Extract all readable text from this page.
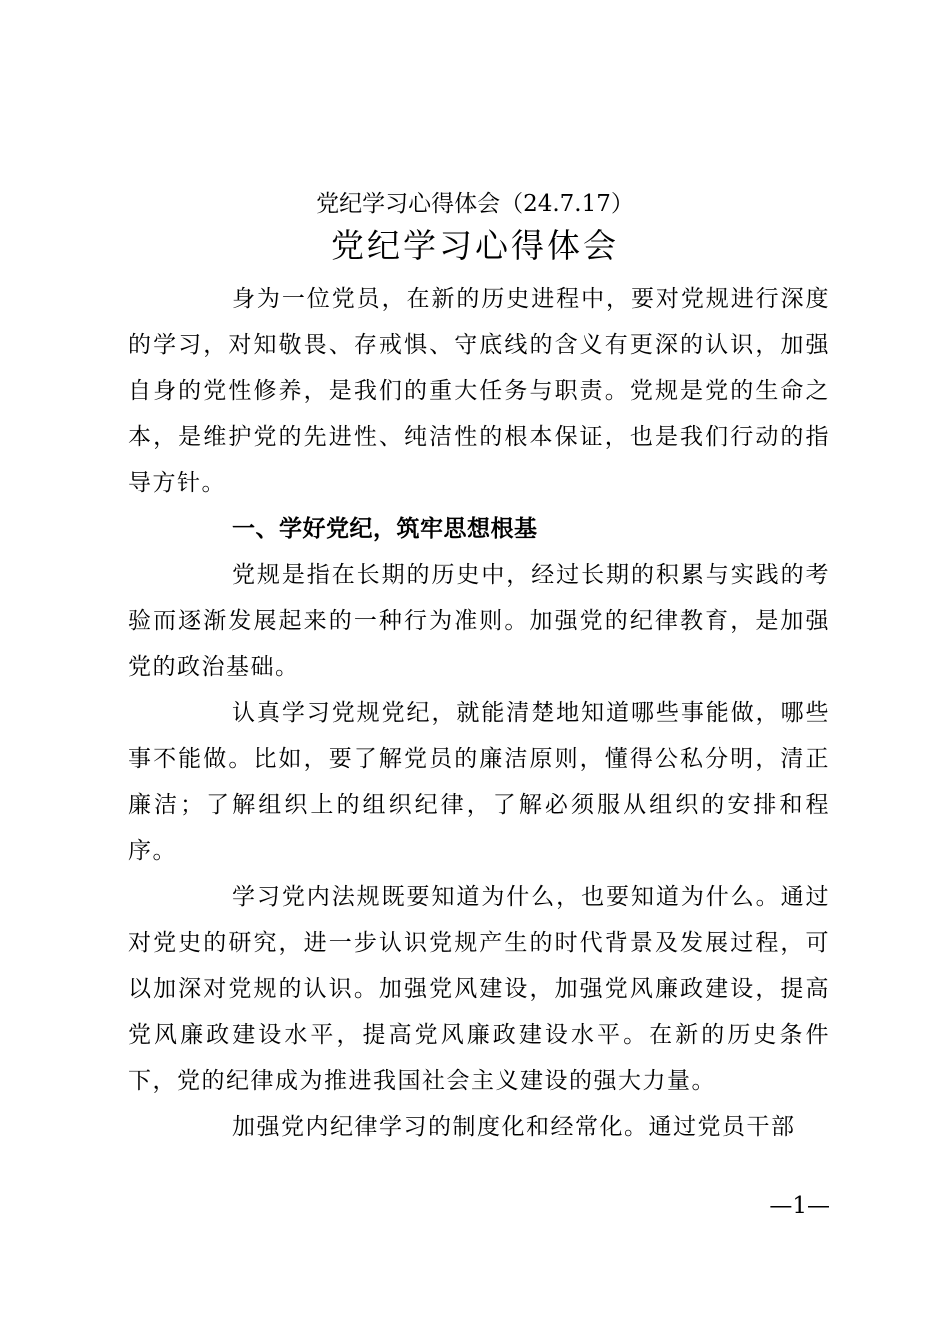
党纪学习心得体会（24.7.17）
党纪学习心得体会

身为一位党员，在新的历史进程中，要对党规进行深度的学习，对知敬畏、存戒惧、守底线的含义有更深的认识，加强自身的党性修养，是我们的重大任务与职责。党规是党的生命之本，是维护党的先进性、纯洁性的根本保证，也是我们行动的指导方针。

一、学好党纪，筑牢思想根基

党规是指在长期的历史中，经过长期的积累与实践的考验而逐渐发展起来的一种行为准则。加强党的纪律教育，是加强党的政治基础。

认真学习党规党纪，就能清楚地知道哪些事能做，哪些事不能做。比如，要了解党员的廉洁原则，懂得公私分明，清正廉洁；了解组织上的组织纪律，了解必须服从组织的安排和程序。

学习党内法规既要知道为什么，也要知道为什么。通过对党史的研究，进一步认识党规产生的时代背景及发展过程，可以加深对党规的认识。加强党风建设，加强党风廉政建设，提高党风廉政建设水平，提高党风廉政建设水平。在新的历史条件下，党的纪律成为推进我国社会主义建设的强大力量。

加强党内纪律学习的制度化和经常化。通过党员干部

—1—
